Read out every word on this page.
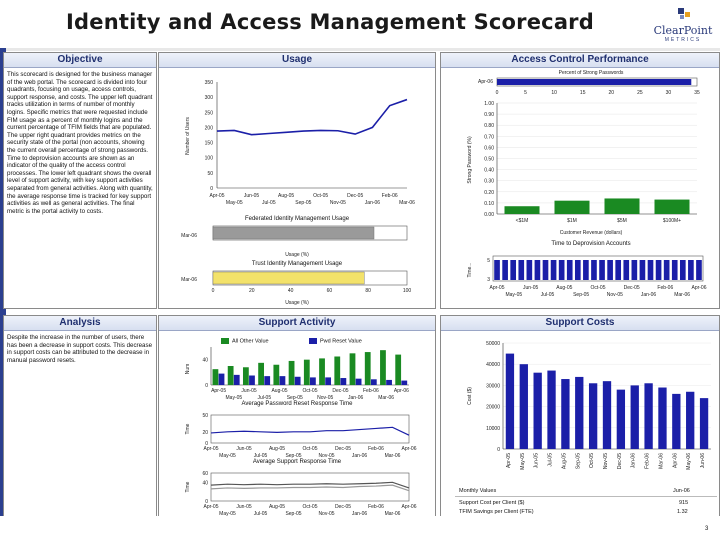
Identity and Access Management Scorecard	ClearPoint
METRICS
Objective
This scorecard is designed for the business manager of the web portal. The scorecard is divided into four quadrants, focusing on usage, access controls, support response, and costs. The upper left quadrant tracks utilization in terms of number of monthly logins. Specific metrics that were requested include FIM usage as a percent of monthly logins and the current percentage of TFIM fields that are populated. The upper right quadrant provides metrics on the security state of the portal (non accounts, showing the current overall percentage of strong passwords. Time to deprovision accounts are shown as an indicator of the quality of the access control processes. The lower left quadrant shows the overall level of support activity, with key support activities separated from general activities. Along with quantity, the average response time is tracked for key support activities as well as general activities. The final metric is the portal activity to costs.
Usage
0
50
100
150
200
250
300
350
Number of Users
Apr-05	Jun-05	Aug-05	Oct-05	Dec-05	Feb-06
May-05	Jul-05	Sep-05	Nov-05	Jan-06	Mar-06
Federated Identity Management Usage
Mar-06
Usage (%)
Trust Identity Management Usage
Mar-06
0	20	40	60	80	100
Usage (%)
Access Control Performance
Percent of Strong Passwords
Apr-06
0	5	10	15	20	25	30	35
0.00
0.10
0.20
0.30
0.40
0.50
0.60
0.70
0.80
0.90
1.00
Strong Password (%)
<$1M	$1M	$5M	$100M+
Customer Revenue (dollars)
Time to Deprovision Accounts
5
3
Time...
Apr-05	Jun-05	Aug-05	Oct-05	Dec-05	Feb-06	Apr-06
May-05	Jul-05	Sep-05	Nov-05	Jan-06	Mar-06
Analysis
Despite the increase in the number of users, there has been a decrease in support costs. This decrease in support costs can be attributed to the decrease in manual password resets.
Support Activity
All Other Value	Pwd Reset Value
0
40
Num
Apr-05	Jun-05	Aug-05	Oct-05	Dec-05	Feb-06	Apr-06
May-05	Jul-05	Sep-05	Nov-05	Jan-06	Mar-06
Average Password Reset Response Time
0
20
50
Time
Apr-05	Jun-05	Aug-05	Oct-05	Dec-05	Feb-06	Apr-06
May-05	Jul-05	Sep-05	Nov-05	Jan-06	Mar-06
Average Support Response Time
0
40
60
Time
Apr-05	Jun-05	Aug-05	Oct-05	Dec-05	Feb-06	Apr-06
May-05	Jul-05	Sep-05	Nov-05	Jan-06	Mar-06
Support Costs
0
10000
20000
30000
40000
50000
Cost ($)
Apr-05 May-05 Jun-05 Jul-05 Aug-05 Sep-05 Oct-05 Nov-05 Dec-05 Jan-06 Feb-06 Mar-06 Apr-06 May-06 Jun-06
Monthly Values	Jun-06
Support Cost per Client ($)	915
TFIM Savings per Client (FTE)	1.32
3
